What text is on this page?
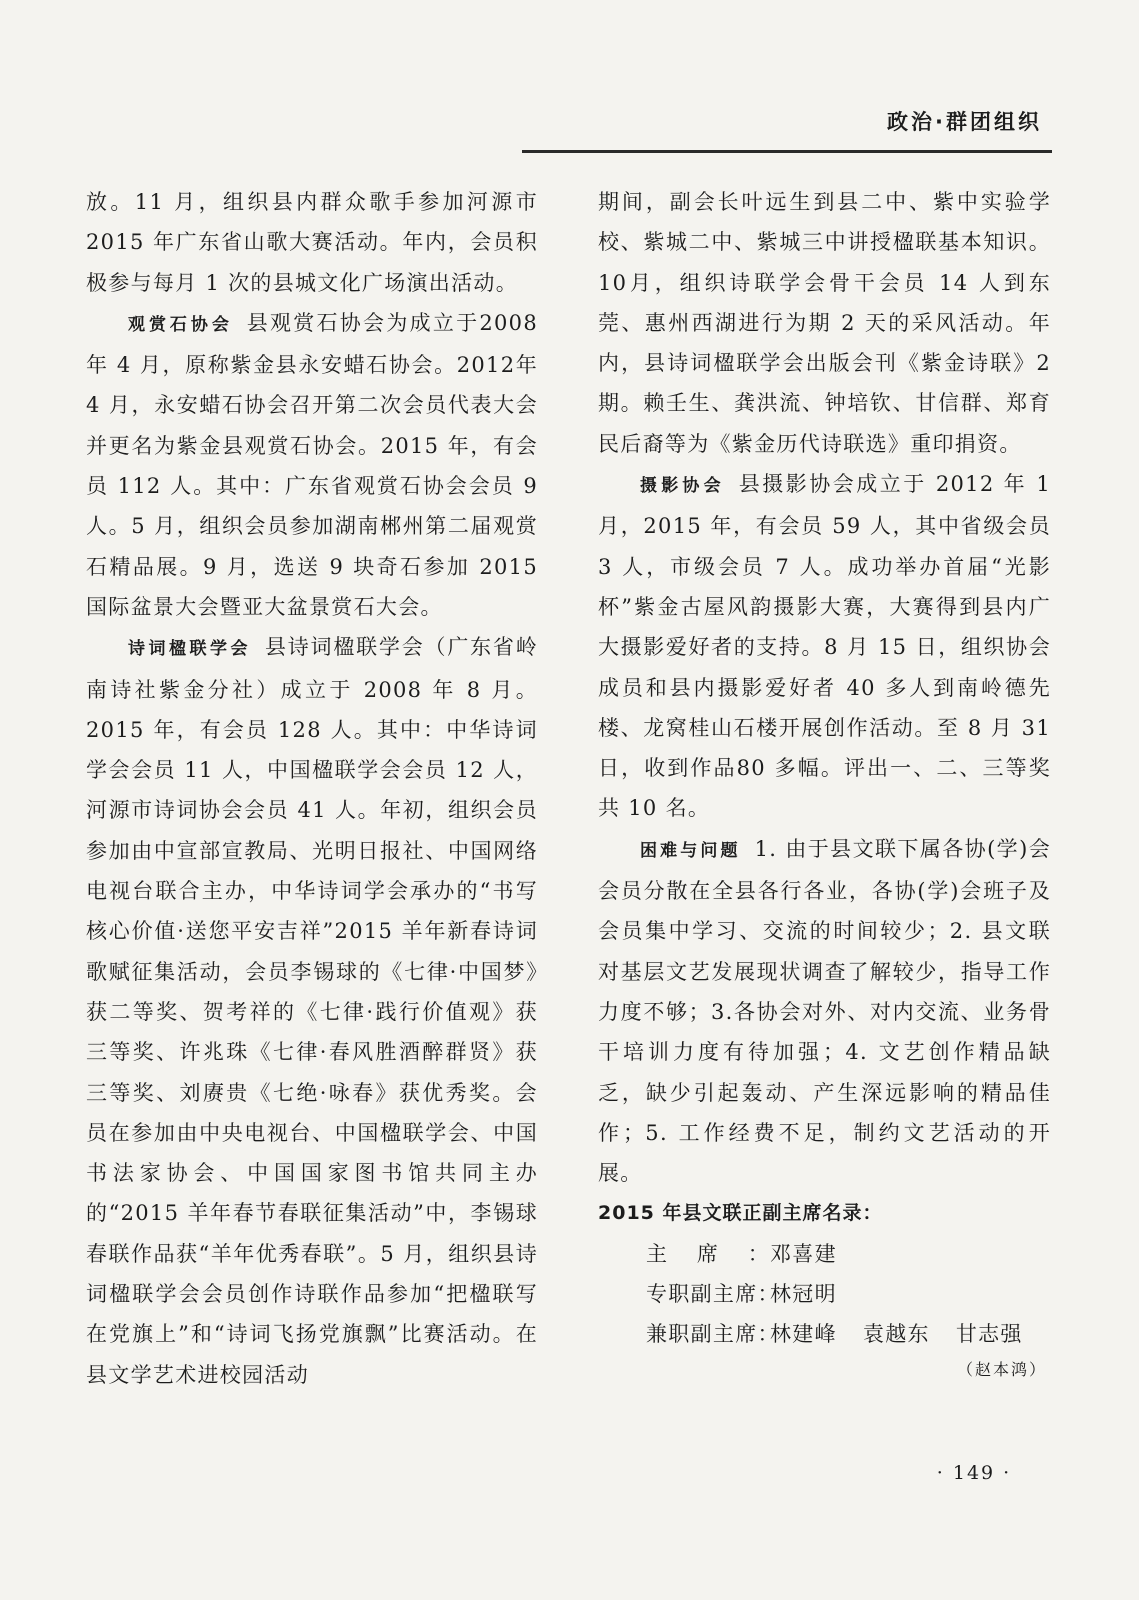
政治·群团组织

放。11 月，组织县内群众歌手参加河源市2015 年广东省山歌大赛活动。年内，会员积极参与每月 1 次的县城文化广场演出活动。

观赏石协会 县观赏石协会为成立于2008 年 4 月，原称紫金县永安蜡石协会。2012年 4 月，永安蜡石协会召开第二次会员代表大会并更名为紫金县观赏石协会。2015 年，有会员 112 人。其中：广东省观赏石协会会员 9人。5 月，组织会员参加湖南郴州第二届观赏石精品展。9 月，选送 9 块奇石参加 2015 国际盆景大会暨亚大盆景赏石大会。

诗词楹联学会 县诗词楹联学会（广东省岭南诗社紫金分社）成立于 2008 年 8 月。2015 年，有会员 128 人。其中：中华诗词学会会员 11 人，中国楹联学会会员 12 人，河源市诗词协会会员 41 人。年初，组织会员参加由中宣部宣教局、光明日报社、中国网络电视台联合主办，中华诗词学会承办的“书写核心价值·送您平安吉祥”2015 羊年新春诗词歌赋征集活动，会员李锡球的《七律·中国梦》获二等奖、贺考祥的《七律·践行价值观》获三等奖、许兆珠《七律·春风胜酒醉群贤》获三等奖、刘赓贵《七绝·咏春》获优秀奖。会员在参加由中央电视台、中国楹联学会、中国书法家协会、中国国家图书馆共同主办的“2015 羊年春节春联征集活动”中，李锡球春联作品获“羊年优秀春联”。5 月，组织县诗词楹联学会会员创作诗联作品参加“把楹联写在党旗上”和“诗词飞扬党旗飘”比赛活动。在县文学艺术进校园活动

期间，副会长叶远生到县二中、紫中实验学校、紫城二中、紫城三中讲授楹联基本知识。10月，组织诗联学会骨干会员 14 人到东莞、惠州西湖进行为期 2 天的采风活动。年内，县诗词楹联学会出版会刊《紫金诗联》2 期。赖壬生、龚洪流、钟培钦、甘信群、郑育民后裔等为《紫金历代诗联选》重印捐资。

摄影协会 县摄影协会成立于 2012 年 1月，2015 年，有会员 59 人，其中省级会员 3 人，市级会员 7 人。成功举办首届“光影杯”紫金古屋风韵摄影大赛，大赛得到县内广大摄影爱好者的支持。8 月 15 日，组织协会成员和县内摄影爱好者 40 多人到南岭德先楼、龙窝桂山石楼开展创作活动。至 8 月 31 日，收到作品80 多幅。评出一、二、三等奖共 10 名。

困难与问题 1. 由于县文联下属各协(学)会会员分散在全县各行各业，各协(学)会班子及会员集中学习、交流的时间较少；2. 县文联对基层文艺发展现状调查了解较少，指导工作力度不够；3.各协会对外、对内交流、业务骨干培训力度有待加强；4. 文艺创作精品缺乏，缺少引起轰动、产生深远影响的精品佳作；5. 工作经费不足，制约文艺活动的开展。

2015 年县文联正副主席名录：

主席：邓喜建
专职副主席：林冠明
兼职副主席：林建峰 袁越东 甘志强
（赵本鸿）
· 149 ·
